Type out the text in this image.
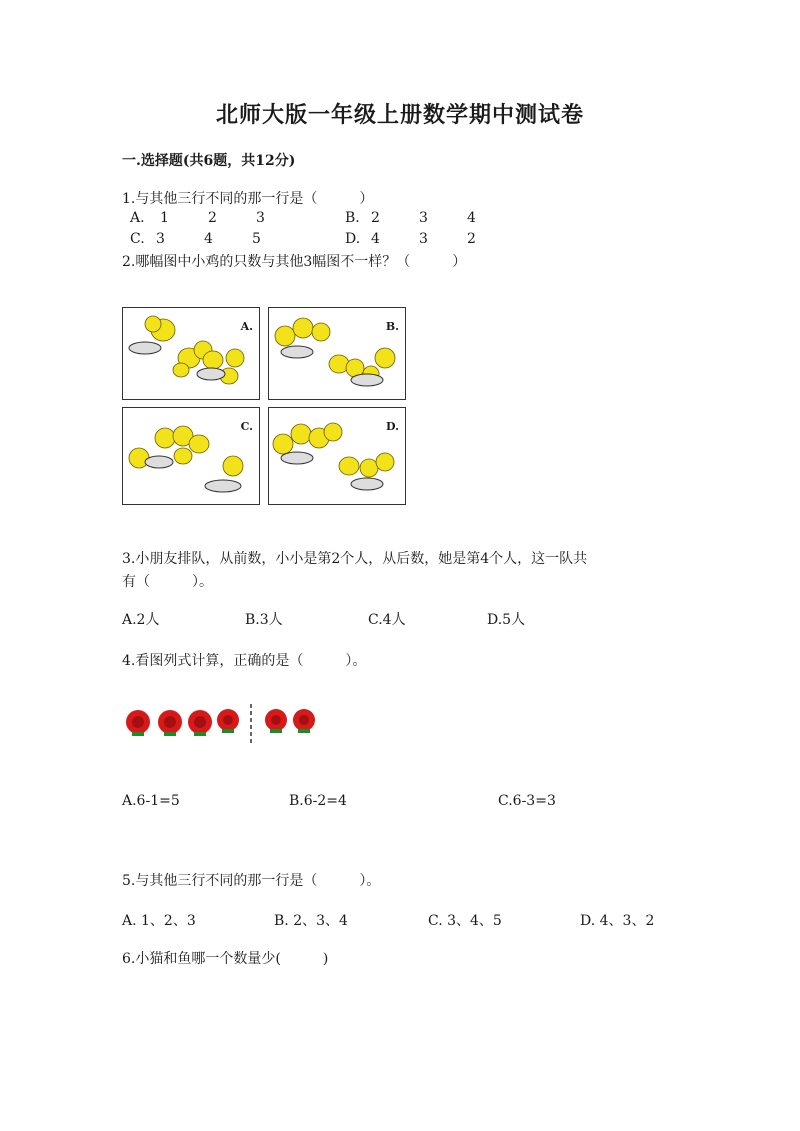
北师大版一年级上册数学期中测试卷
一.选择题(共6题，共12分)
1.与其他三行不同的那一行是（　　　）
A. 1	2	3	B. 2	3	4
C. 3	4	5	D. 4	3	2
2.哪幅图中小鸡的只数与其他3幅图不一样？（　　　）
A.	B.
C.	D.
3.小朋友排队，从前数，小小是第2个人，从后数，她是第4个人，这一队共
有（　　　）。
A.2人	B.3人	C.4人	D.5人
4.看图列式计算，正确的是（　　　）。
A.6-1=5	B.6-2=4	C.6-3=3
5.与其他三行不同的那一行是（　　　）。
A. 1、2、3	B. 2、3、4	C. 3、4、5	D. 4、3、2
6.小猫和鱼哪一个数量少(　　　)
